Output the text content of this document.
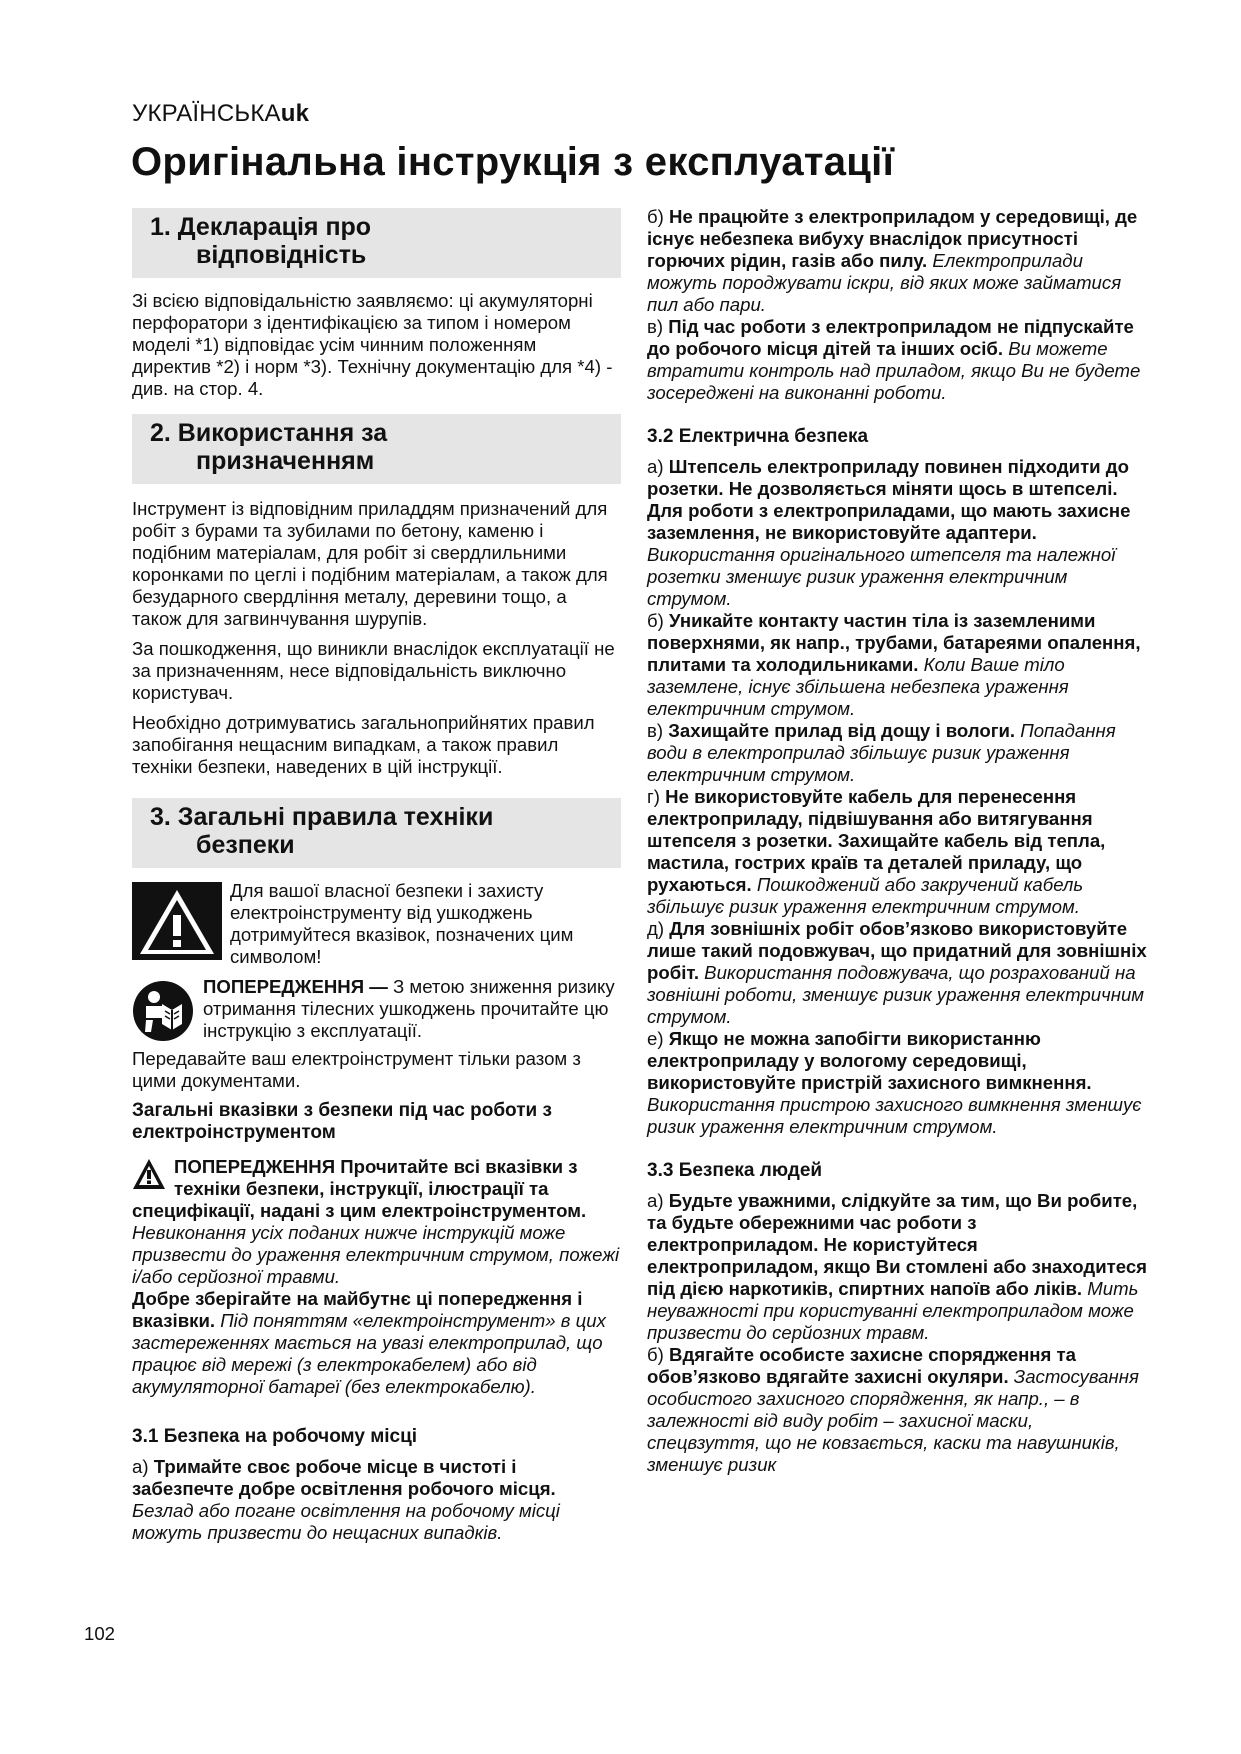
УКРАЇНСЬКАuk
Оригінальна інструкція з експлуатації
1. Декларація про
відповідність

Зі всією відповідальністю заявляємо: ці акумуляторні перфоратори з ідентифікацією за типом і номером моделі *1) відповідає усім чинним положенням директив *2) і норм *3). Технічну документацію для *4) - див. на стор. 4.

2. Використання за
призначенням

Інструмент із відповідним приладдям призначений для робіт з бурами та зубилами по бетону, каменю і подібним матеріалам, для робіт зі свердлильними коронками по цеглі і подібним матеріалам, а також для безударного свердління металу, деревини тощо, а також для загвинчування шурупів.

За пошкодження, що виникли внаслідок експлуатації не за призначенням, несе відповідальність виключно користувач.

Необхідно дотримуватись загальноприйнятих правил запобігання нещасним випадкам, а також правил техніки безпеки, наведених в цій інструкції.

3. Загальні правила техніки
безпеки

Для вашої власної безпеки і захисту електроінструменту від ушкоджень дотримуйтеся вказівок, позначених цим символом!

ПОПЕРЕДЖЕННЯ — З метою зниження ризику отримання тілесних ушкоджень прочитайте цю інструкцію з експлуатації.

Передавайте ваш електроінструмент тільки разом з цими документами.

Загальні вказівки з безпеки під час роботи з електроінструментом

ПОПЕРЕДЖЕННЯ Прочитайте всі вказівки з техніки безпеки, інструкції, ілюстрації та специфікації, надані з цим електроінструментом. Невиконання усіх поданих нижче інструкцій може призвести до ураження електричним струмом, пожежі і/або серйозної травми.

Добре зберігайте на майбутнє ці попередження і вказівки. Під поняттям «електроінструмент» в цих застереженнях мається на увазі електроприлад, що працює від мережі (з електрокабелем) або від акумуляторної батареї (без електрокабелю).

3.1 Безпека на робочому місці

а) Тримайте своє робоче місце в чистоті і забезпечте добре освітлення робочого місця. Безлад або погане освітлення на робочому місці можуть призвести до нещасних випадків.

б) Не працюйте з електроприладом у середовищі, де існує небезпека вибуху внаслідок присутності горючих рідин, газів або пилу. Електроприлади можуть породжувати іскри, від яких може займатися пил або пари.

в) Під час роботи з електроприладом не підпускайте до робочого місця дітей та інших осіб. Ви можете втратити контроль над приладом, якщо Ви не будете зосереджені на виконанні роботи.

3.2 Електрична безпека

а) Штепсель електроприладу повинен підходити до розетки. Не дозволяється міняти щось в штепселі. Для роботи з електроприладами, що мають захисне заземлення, не використовуйте адаптери. Використання оригінального штепселя та належної розетки зменшує ризик ураження електричним струмом.

б) Уникайте контакту частин тіла із заземленими поверхнями, як напр., трубами, батареями опалення, плитами та холодильниками. Коли Ваше тіло заземлене, існує збільшена небезпека ураження електричним струмом.

в) Захищайте прилад від дощу і вологи. Попадання води в електроприлад збільшує ризик ураження електричним струмом.

г) Не використовуйте кабель для перенесення електроприладу, підвішування або витягування штепселя з розетки. Захищайте кабель від тепла, мастила, гострих країв та деталей приладу, що рухаються. Пошкоджений або закручений кабель збільшує ризик ураження електричним струмом.

д) Для зовнішніх робіт обов’язково використовуйте лише такий подовжувач, що придатний для зовнішніх робіт. Використання подовжувача, що розрахований на зовнішні роботи, зменшує ризик ураження електричним струмом.

е) Якщо не можна запобігти використанню електроприладу у вологому середовищі, використовуйте пристрій захисного вимкнення. Використання пристрою захисного вимкнення зменшує ризик ураження електричним струмом.

3.3 Безпека людей

а) Будьте уважними, слідкуйте за тим, що Ви робите, та будьте обережними час роботи з електроприладом. Не користуйтеся електроприладом, якщо Ви стомлені або знаходитеся під дією наркотиків, спиртних напоїв або ліків. Мить неуважності при користуванні електроприладом може призвести до серйозних травм.

б) Вдягайте особисте захисне спорядження та обов’язково вдягайте захисні окуляри. Застосування особистого захисного спорядження, як напр., – в залежності від виду робіт – захисної маски, спецвзуття, що не ковзається, каски та навушників, зменшує ризик

102
